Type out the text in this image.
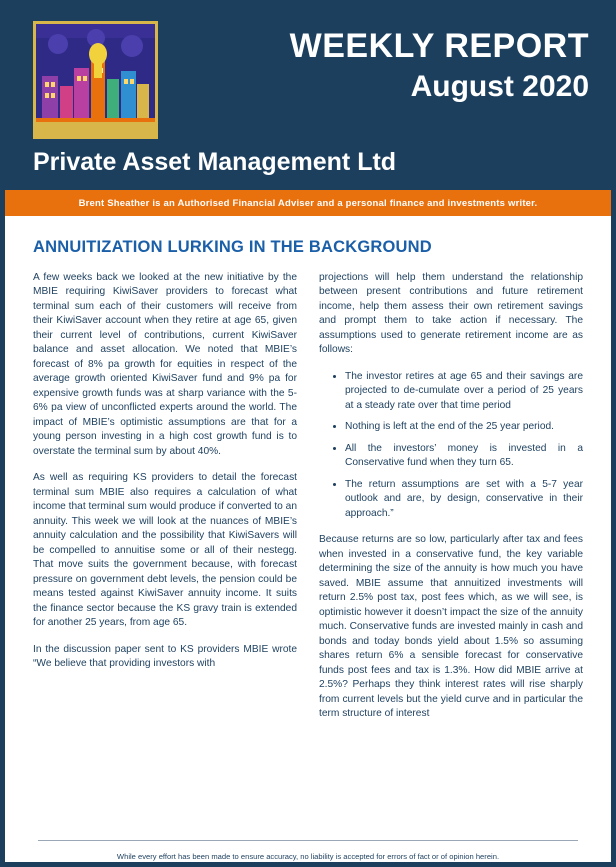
WEEKLY REPORT
August 2020
Private Asset Management Ltd
Brent Sheather is an Authorised Financial Adviser and a personal finance and investments writer.
ANNUITIZATION LURKING IN THE BACKGROUND

A few weeks back we looked at the new initiative by the MBIE requiring KiwiSaver providers to forecast what terminal sum each of their customers will receive from their KiwiSaver account when they retire at age 65, given their current level of contributions, current KiwiSaver balance and asset allocation. We noted that MBIE’s forecast of 8% pa growth for equities in respect of the average growth oriented KiwiSaver fund and 9% pa for expensive growth funds was at sharp variance with the 5-6% pa view of unconflicted experts around the world. The impact of MBIE’s optimistic assumptions are that for a young person investing in a high cost growth fund is to overstate the terminal sum by about 40%.

As well as requiring KS providers to detail the forecast terminal sum MBIE also requires a calculation of what income that terminal sum would produce if converted to an annuity. This week we will look at the nuances of MBIE’s annuity calculation and the possibility that KiwiSavers will be compelled to annuitise some or all of their nestegg. That move suits the government because, with forecast pressure on government debt levels, the pension could be means tested against KiwiSaver annuity income. It suits the finance sector because the KS gravy train is extended for another 25 years, from age 65.

In the discussion paper sent to KS providers MBIE wrote “We believe that providing investors with

projections will help them understand the relationship between present contributions and future retirement income, help them assess their own retirement savings and prompt them to take action if necessary. The assumptions used to generate retirement income are as follows:

• The investor retires at age 65 and their savings are projected to de-cumulate over a period of 25 years at a steady rate over that time period
• Nothing is left at the end of the 25 year period.
• All the investors’ money is invested in a Conservative fund when they turn 65.
• The return assumptions are set with a 5-7 year outlook and are, by design, conservative in their approach.”

Because returns are so low, particularly after tax and fees when invested in a conservative fund, the key variable determining the size of the annuity is how much you have saved. MBIE assume that annuitized investments will return 2.5% post tax, post fees which, as we will see, is optimistic however it doesn’t impact the size of the annuity much. Conservative funds are invested mainly in cash and bonds and today bonds yield about 1.5% so assuming shares return 6% a sensible forecast for conservative funds post fees and tax is 1.3%. How did MBIE arrive at 2.5%? Perhaps they think interest rates will rise sharply from current levels but the yield curve and in particular the term structure of interest

While every effort has been made to ensure accuracy, no liability is accepted for errors of fact or of opinion herein.
